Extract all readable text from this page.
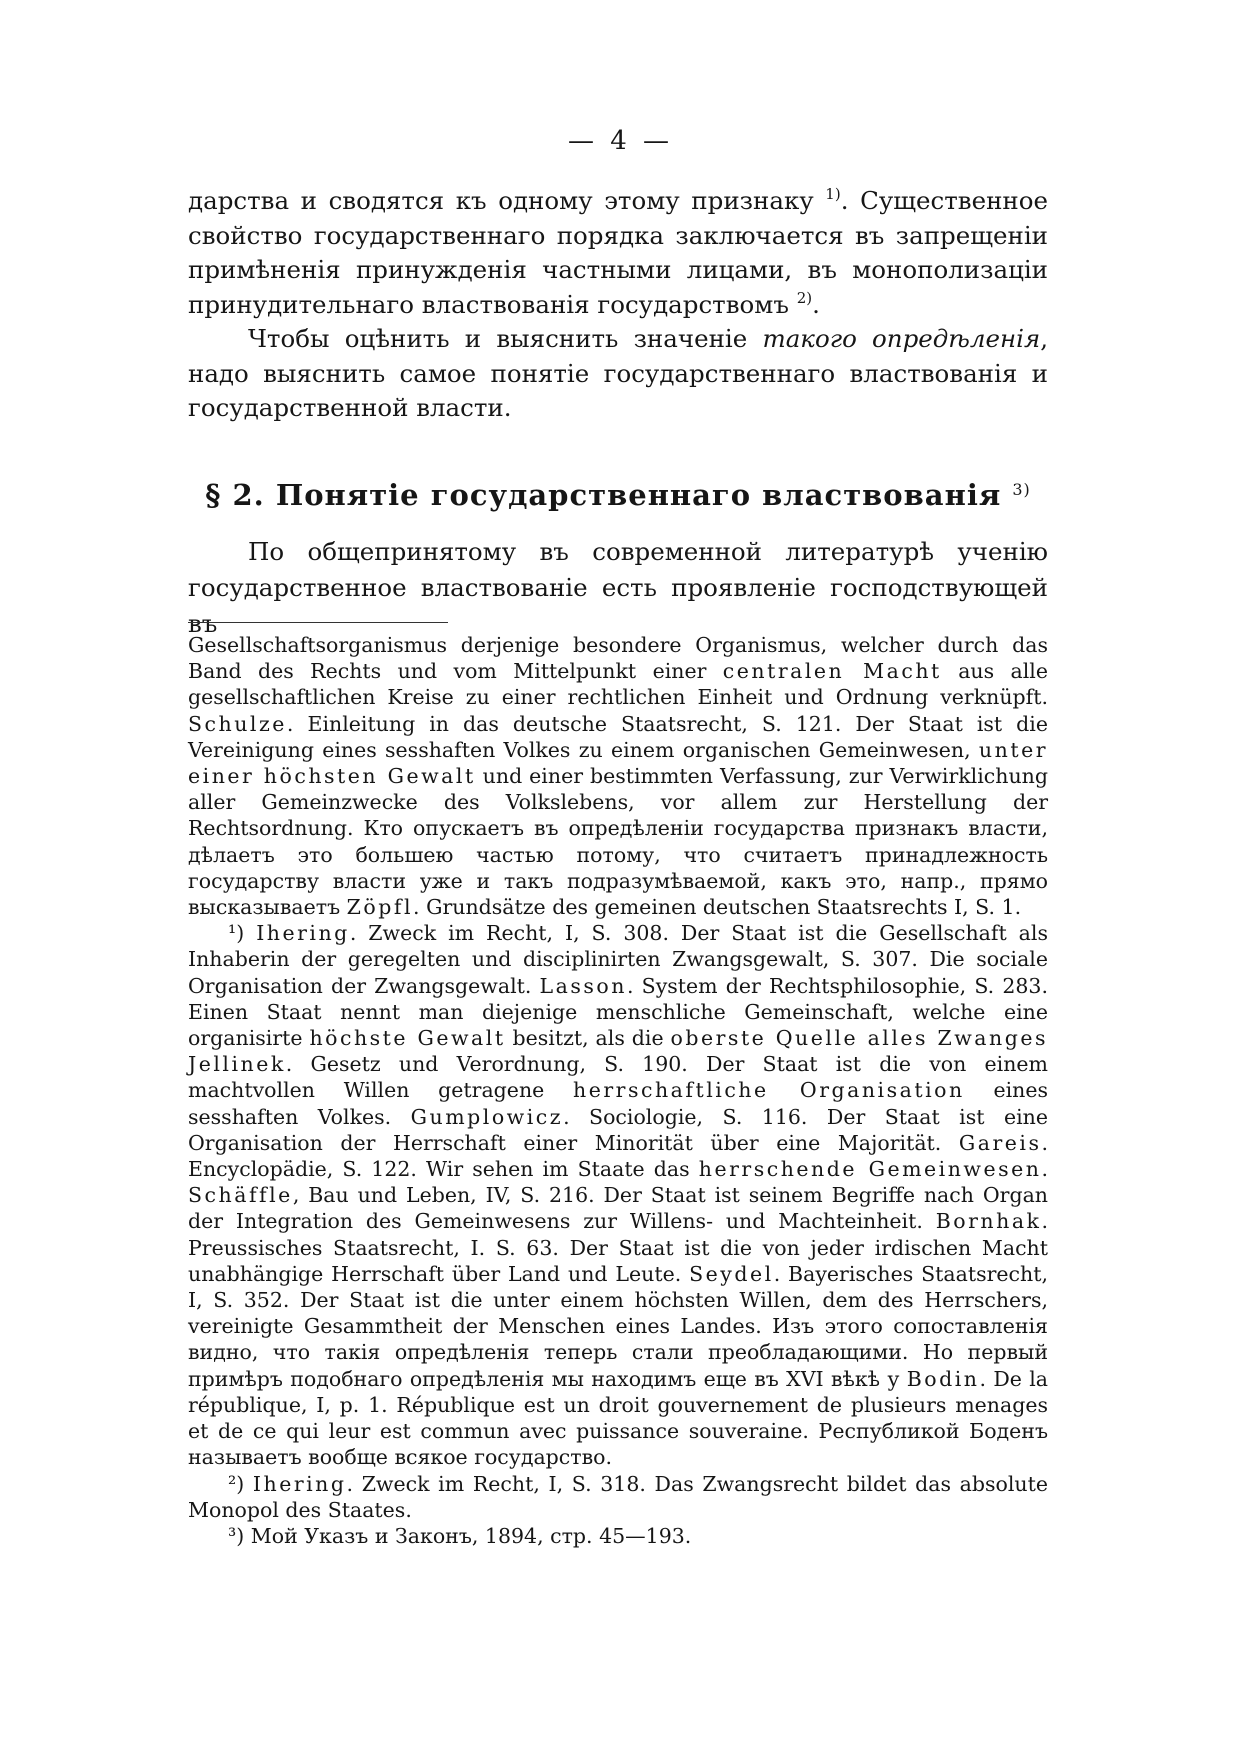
— 4 —

дарства и сводятся къ одному этому признаку $^{1)}$. Существенное свойство государственнаго порядка заключается въ запрещеніи примѣненія принужденія частными лицами, въ монополизаціи принудительнаго властвованія государствомъ $^{2)}$.

Чтобы оцѣнить и выяснить значеніе такого опредѣленія, надо выяснить самое понятіе государственнаго властвованія и государственной власти.

§ 2. Понятіе государственнаго властвованія $^{3)}$

По общепринятому въ современной литературѣ ученію государственное властвованіе есть проявленіе господствующей въ

Gesellschaftsorganismus derjenige besondere Organismus, welcher durch das Band des Rechts und vom Mittelpunkt einer centralen Macht aus alle gesellschaftlichen Kreise zu einer rechtlichen Einheit und Ordnung verknüpft. Schulze. Einleitung in das deutsche Staatsrecht, S. 121. Der Staat ist die Vereinigung eines sesshaften Volkes zu einem organischen Gemeinwesen, unter einer höchsten Gewalt und einer bestimmten Verfassung, zur Verwirklichung aller Gemeinzwecke des Volkslebens, vor allem zur Herstellung der Rechtsordnung. Кто опускаетъ въ опредѣленіи государства признакъ власти, дѣлаетъ это большею частью потому, что считаетъ принадлежность государству власти уже и такъ подразумѣваемой, какъ это, напр., прямо высказываетъ Zöpfl. Grundsätze des gemeinen deutschen Staatsrechts I, S. 1.

¹) Ihering. Zweck im Recht, I, S. 308. Der Staat ist die Gesellschaft als Inhaberin der geregelten und disciplinirten Zwangsgewalt, S. 307. Die sociale Organisation der Zwangsgewalt. Lasson. System der Rechtsphilosophie, S. 283. Einen Staat nennt man diejenige menschliche Gemeinschaft, welche eine organisirte höchste Gewalt besitzt, als die oberste Quelle alles Zwanges Jellinek. Gesetz und Verordnung, S. 190. Der Staat ist die von einem machtvollen Willen getragene herrschaftliche Organisation eines sesshaften Volkes. Gumplowicz. Sociologie, S. 116. Der Staat ist eine Organisation der Herrschaft einer Minorität über eine Majorität. Gareis. Encyclopädie, S. 122. Wir sehen im Staate das herrschende Gemeinwesen. Schäffle, Bau und Leben, IV, S. 216. Der Staat ist seinem Begriffe nach Organ der Integration des Gemeinwesens zur Willens- und Machteinheit. Bornhak. Preussisches Staatsrecht, I. S. 63. Der Staat ist die von jeder irdischen Macht unabhängige Herrschaft über Land und Leute. Seydel. Bayerisches Staatsrecht, I, S. 352. Der Staat ist die unter einem höchsten Willen, dem des Herrschers, vereinigte Gesammtheit der Menschen eines Landes. Изъ этого сопоставленія видно, что такія опредѣленія теперь стали преобладающими. Но первый примѣръ подобнаго опредѣленія мы находимъ еще въ XVI вѣкѣ у Bodin. De la république, I, p. 1. République est un droit gouvernement de plusieurs menages et de ce qui leur est commun avec puissance souveraine. Республикой Боденъ называетъ вообще всякое государство.

²) Ihering. Zweck im Recht, I, S. 318. Das Zwangsrecht bildet das absolute Monopol des Staates.

³) Мой Указъ и Законъ, 1894, стр. 45—193.
